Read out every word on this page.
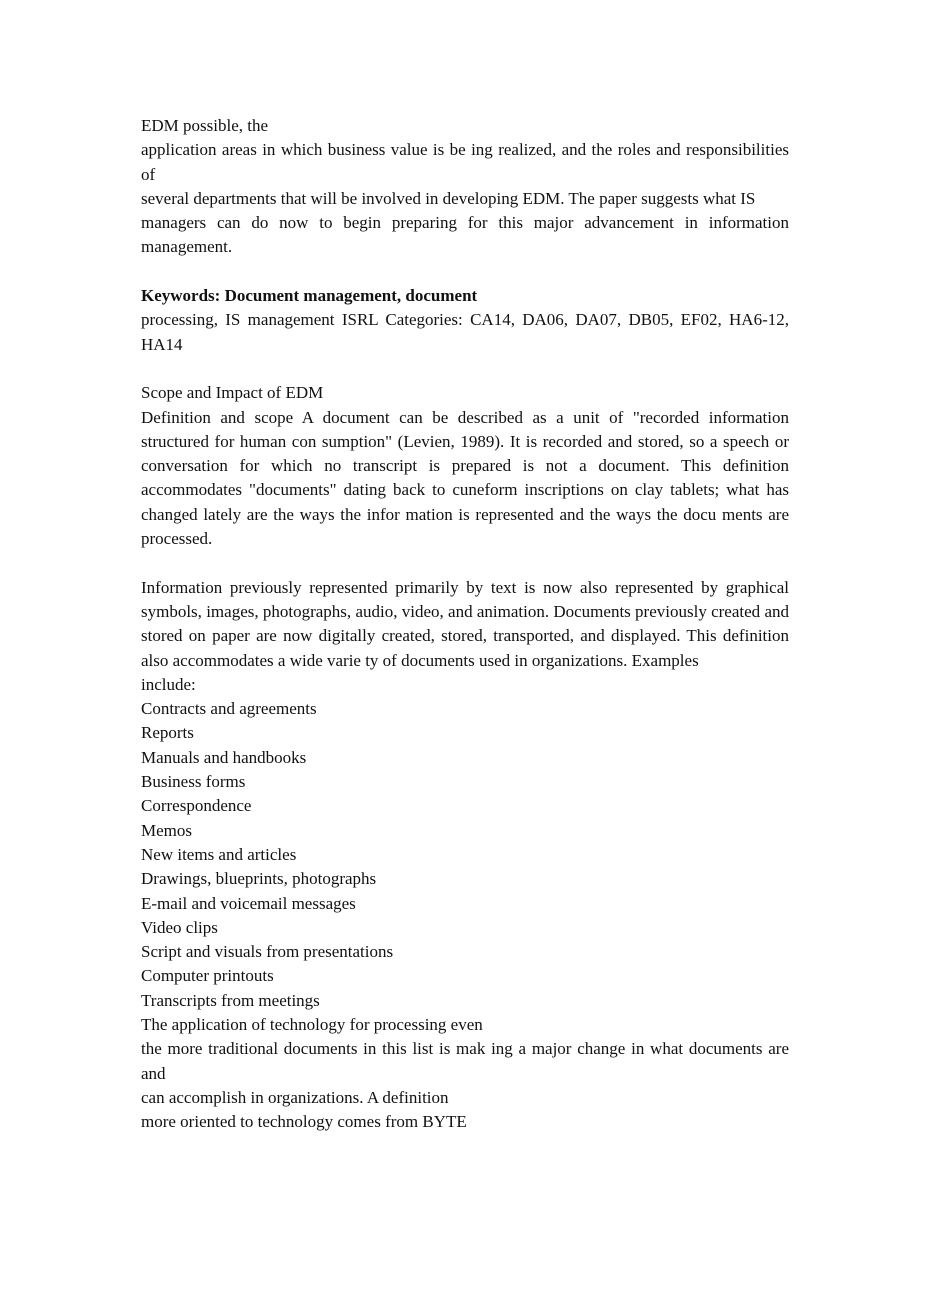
EDM possible, the
application areas in which business value is be ing realized, and the roles and responsibilities of
several departments that will be involved in developing EDM. The paper suggests what IS
managers can do now to begin preparing for this major advancement in information management.
Keywords: Document management, document
processing, IS management ISRL Categories: CA14, DA06, DA07, DB05, EF02, HA6-12, HA14
Scope and Impact of EDM
Definition and scope A document can be described as a unit of "recorded information structured for human con sumption" (Levien, 1989). It is recorded and stored, so a speech or conversation for which no transcript is prepared is not a document. This definition accommodates "documents" dating back to cuneform inscriptions on clay tablets; what has changed lately are the ways the infor mation is represented and the ways the docu ments are processed.
Information previously represented primarily by text is now also represented by graphical symbols, images, photographs, audio, video, and animation. Documents previously created and stored on paper are now digitally created, stored, transported, and displayed. This definition also accommodates a wide varie ty of documents used in organizations. Examples
include:
Contracts and agreements
Reports
Manuals and handbooks
Business forms
Correspondence
Memos
New items and articles
Drawings, blueprints, photographs
E-mail and voicemail messages
Video clips
Script and visuals from presentations
Computer printouts
Transcripts from meetings
The application of technology for processing even
the more traditional documents in this list is mak ing a major change in what documents are and
can accomplish in organizations. A definition
more oriented to technology comes from BYTE
